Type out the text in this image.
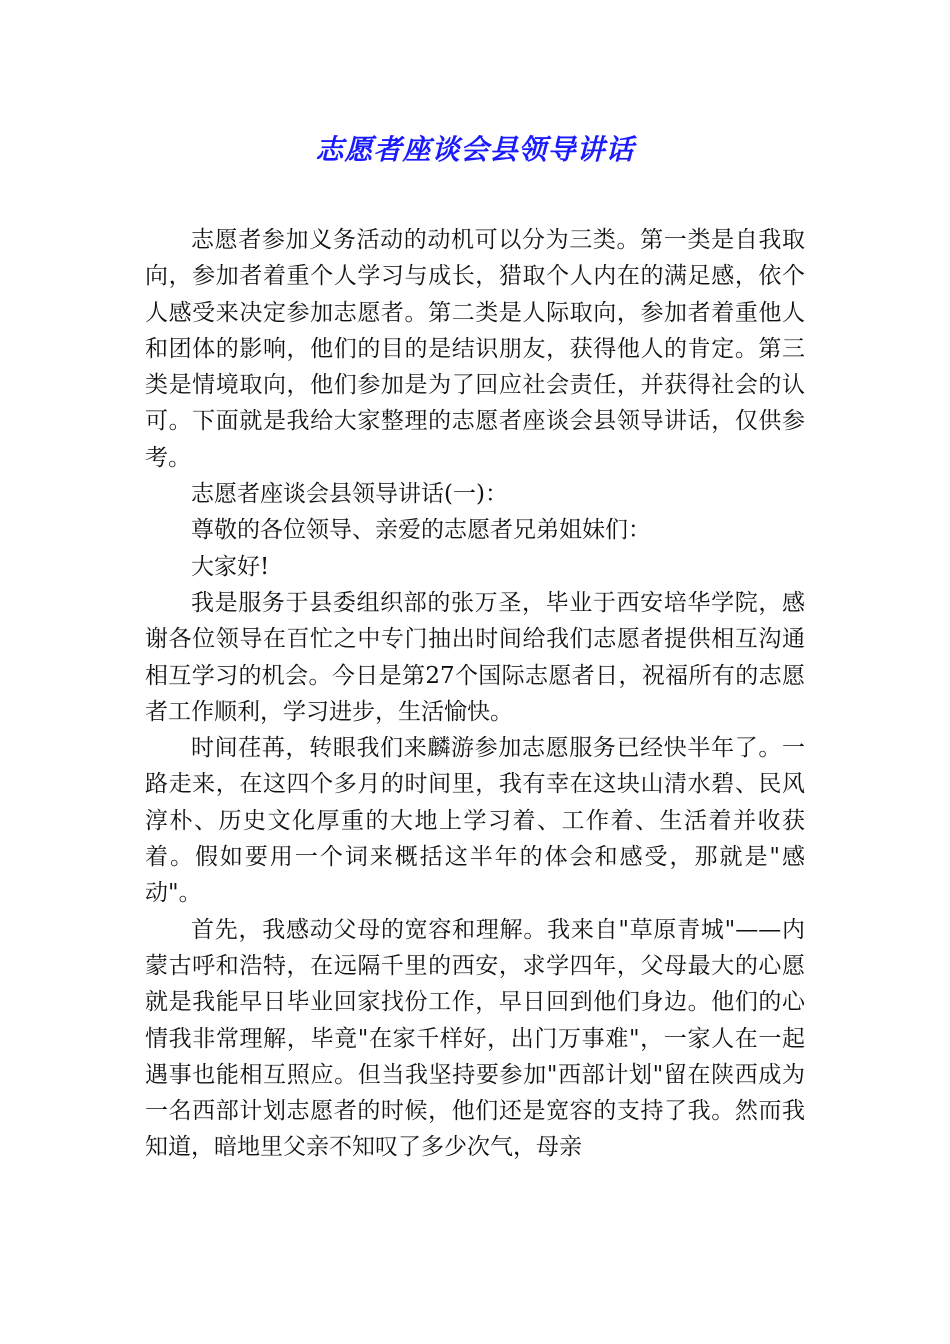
志愿者座谈会县领导讲话

志愿者参加义务活动的动机可以分为三类。第一类是自我取向，参加者着重个人学习与成长，猎取个人内在的满足感，依个人感受来决定参加志愿者。第二类是人际取向，参加者着重他人和团体的影响，他们的目的是结识朋友，获得他人的肯定。第三类是情境取向，他们参加是为了回应社会责任，并获得社会的认可。下面就是我给大家整理的志愿者座谈会县领导讲话，仅供参考。

志愿者座谈会县领导讲话(一)：

尊敬的各位领导、亲爱的志愿者兄弟姐妹们：

大家好!

我是服务于县委组织部的张万圣，毕业于西安培华学院，感谢各位领导在百忙之中专门抽出时间给我们志愿者提供相互沟通相互学习的机会。今日是第27个国际志愿者日，祝福所有的志愿者工作顺利，学习进步，生活愉快。

时间荏苒，转眼我们来麟游参加志愿服务已经快半年了。一路走来，在这四个多月的时间里，我有幸在这块山清水碧、民风淳朴、历史文化厚重的大地上学习着、工作着、生活着并收获着。假如要用一个词来概括这半年的体会和感受，那就是"感动"。

首先，我感动父母的宽容和理解。我来自"草原青城"——内蒙古呼和浩特，在远隔千里的西安，求学四年，父母最大的心愿就是我能早日毕业回家找份工作，早日回到他们身边。他们的心情我非常理解，毕竟"在家千样好，出门万事难"，一家人在一起遇事也能相互照应。但当我坚持要参加"西部计划"留在陕西成为一名西部计划志愿者的时候，他们还是宽容的支持了我。然而我知道，暗地里父亲不知叹了多少次气，母亲
